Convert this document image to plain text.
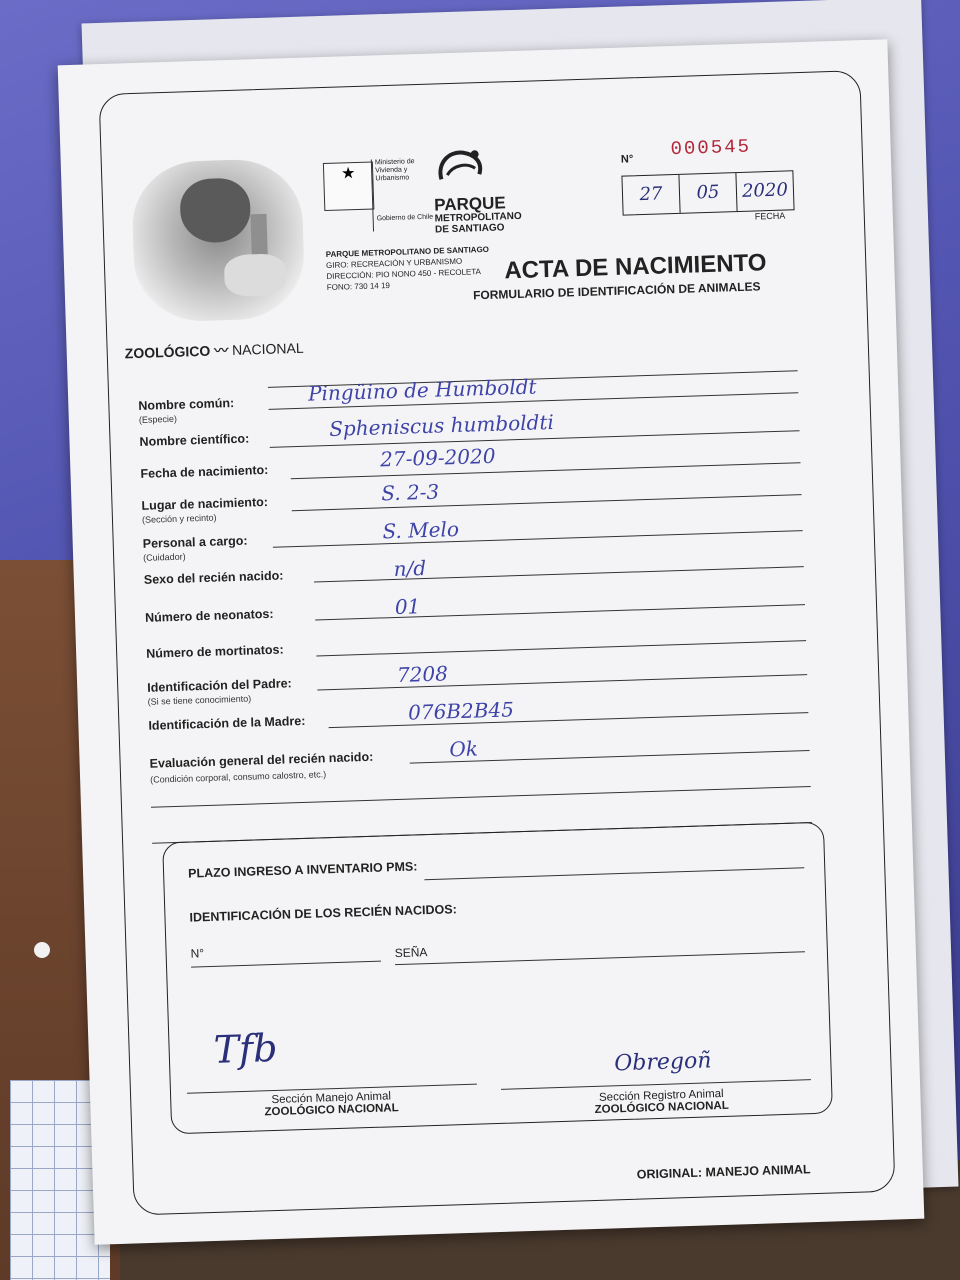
★
Ministerio de Vivienda y Urbanismo

Gobierno de Chile
PARQUE
METROPOLITANO
DE SANTIAGO
PARQUE METROPOLITANO DE SANTIAGO
GIRO: RECREACIÓN Y URBANISMO
DIRECCIÓN: PIO NONO 450 - RECOLETA
FONO: 730 14 19
N° 000545
27	05	2020
FECHA
ACTA DE NACIMIENTO
FORMULARIO DE IDENTIFICACIÓN DE ANIMALES
ZOOLÓGICO 〰 NACIONAL
Nombre común:
(Especie)
Pingüino de Humboldt
Nombre científico:	Spheniscus humboldti
Fecha de nacimiento:
27-09-2020
Lugar de nacimiento:
(Sección y recinto)
S. 2-3
Personal a cargo:
(Cuidador)
S. Melo
Sexo del recién nacido:	n/d
Número de neonatos:	01
Número de mortinatos:
Identificación del Padre:
(Si se tiene conocimiento)
7208
Identificación de la Madre:	076B2B45
Evaluación general del recién nacido:
(Condición corporal, consumo calostro, etc.)
Ok
PLAZO INGRESO A INVENTARIO PMS:
IDENTIFICACIÓN DE LOS RECIÉN NACIDOS:
N°	SEÑA
Tfb
Sección Manejo Animal
ZOOLÓGICO NACIONAL
Obregoñ
Sección Registro Animal
ZOOLÓGICO NACIONAL
ORIGINAL: MANEJO ANIMAL
